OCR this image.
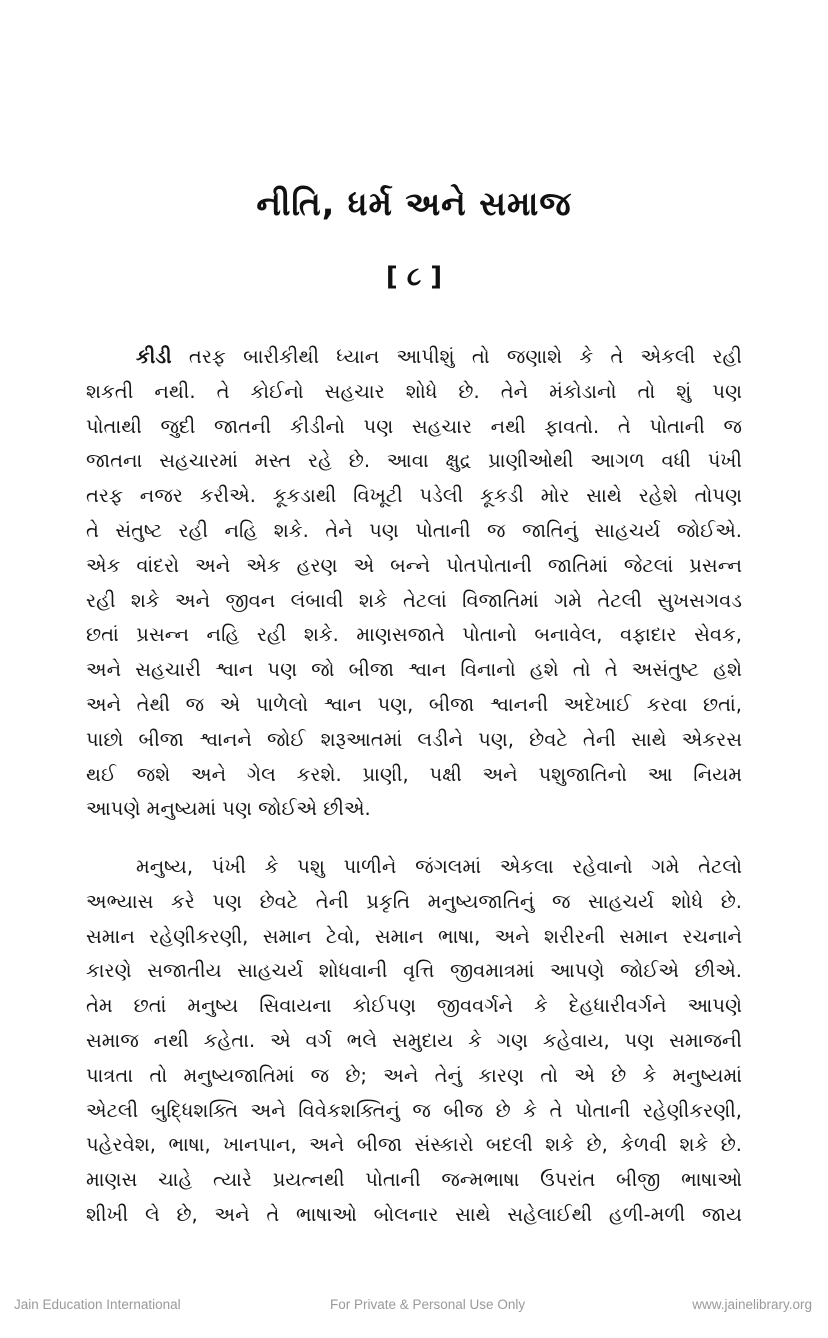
નીતિ, ધર્મ અને સમાજ
[ ૮ ]
કીડી તરફ બારીકીથી ધ્યાન આપીશું તો જણાશે કે તે એકલી રહી
શકતી નથી. તે કોઈનો સહચાર શોધે છે. તેને મંકોડાનો તો શું પણ
પોતાથી જુદી જાતની કીડીનો પણ સહચાર નથી ફાવતો. તે પોતાની જ
જાતના સહચારમાં મસ્ત રહે છે. આવા ક્ષુદ્ર પ્રાણીઓથી આગળ વધી પંખી
તરફ નજર કરીએ. કૂકડાથી વિખૂટી પડેલી કૂકડી મોર સાથે રહેશે તોપણ
તે સંતુષ્ટ રહી નહિ શકે. તેને પણ પોતાની જ જાતિનું સાહચર્ય જોઈએ.
એક વાંદરો અને એક હરણ એ બન્ને પોતપોતાની જાતિમાં જેટલાં પ્રસન્ન
રહી શકે અને જીવન લંબાવી શકે તેટલાં વિજાતિમાં ગમે તેટલી સુખસગવડ
છતાં પ્રસન્ન નહિ રહી શકે. માણસજાતે પોતાનો બનાવેલ, વફાદાર સેવક,
અને સહચારી શ્વાન પણ જો બીજા શ્વાન વિનાનો હશે તો તે અસંતુષ્ટ હશે
અને તેથી જ એ પાળેલો શ્વાન પણ, બીજા શ્વાનની અદેખાઈ કરવા છતાં,
પાછો બીજા શ્વાનને જોઈ શરૂઆતમાં લડીને પણ, છેવટે તેની સાથે એકરસ
થઈ જશે અને ગેલ કરશે. પ્રાણી, પક્ષી અને પશુજાતિનો આ નિયમ
આપણે મનુષ્યમાં પણ જોઈએ છીએ.
મનુષ્ય, પંખી કે પશુ પાળીને જંગલમાં એકલા રહેવાનો ગમે તેટલો
અભ્યાસ કરે પણ છેવટે તેની પ્રકૃતિ મનુષ્યજાતિનું જ સાહચર્ય શોધે છે.
સમાન રહેણીકરણી, સમાન ટેવો, સમાન ભાષા, અને શરીરની સમાન રચનાને
કારણે સજાતીય સાહચર્ય શોધવાની વૃત્તિ જીવમાત્રમાં આપણે જોઈએ છીએ.
તેમ છતાં મનુષ્ય સિવાયના કોઈપણ જીવવર્ગને કે દેહધારીવર્ગને આપણે
સમાજ નથી કહેતા. એ વર્ગ ભલે સમુદાય કે ગણ કહેવાય, પણ સમાજની
પાત્રતા તો મનુષ્યજાતિમાં જ છે; અને તેનું કારણ તો એ છે કે મનુષ્યમાં
એટલી બુદ્ધિશક્તિ અને વિવેકશક્તિનું જ બીજ છે કે તે પોતાની રહેણીકરણી,
પહેરવેશ, ભાષા, ખાનપાન, અને બીજા સંસ્કારો બદલી શકે છે, કેળવી શકે છે.
માણસ ચાહે ત્યારે પ્રયત્નથી પોતાની જન્મભાષા ઉપરાંત બીજી ભાષાઓ
શીખી લે છે, અને તે ભાષાઓ બોલનાર સાથે સહેલાઈથી હળી-મળી જાય
Jain Education International	For Private & Personal Use Only	www.jainelibrary.org
